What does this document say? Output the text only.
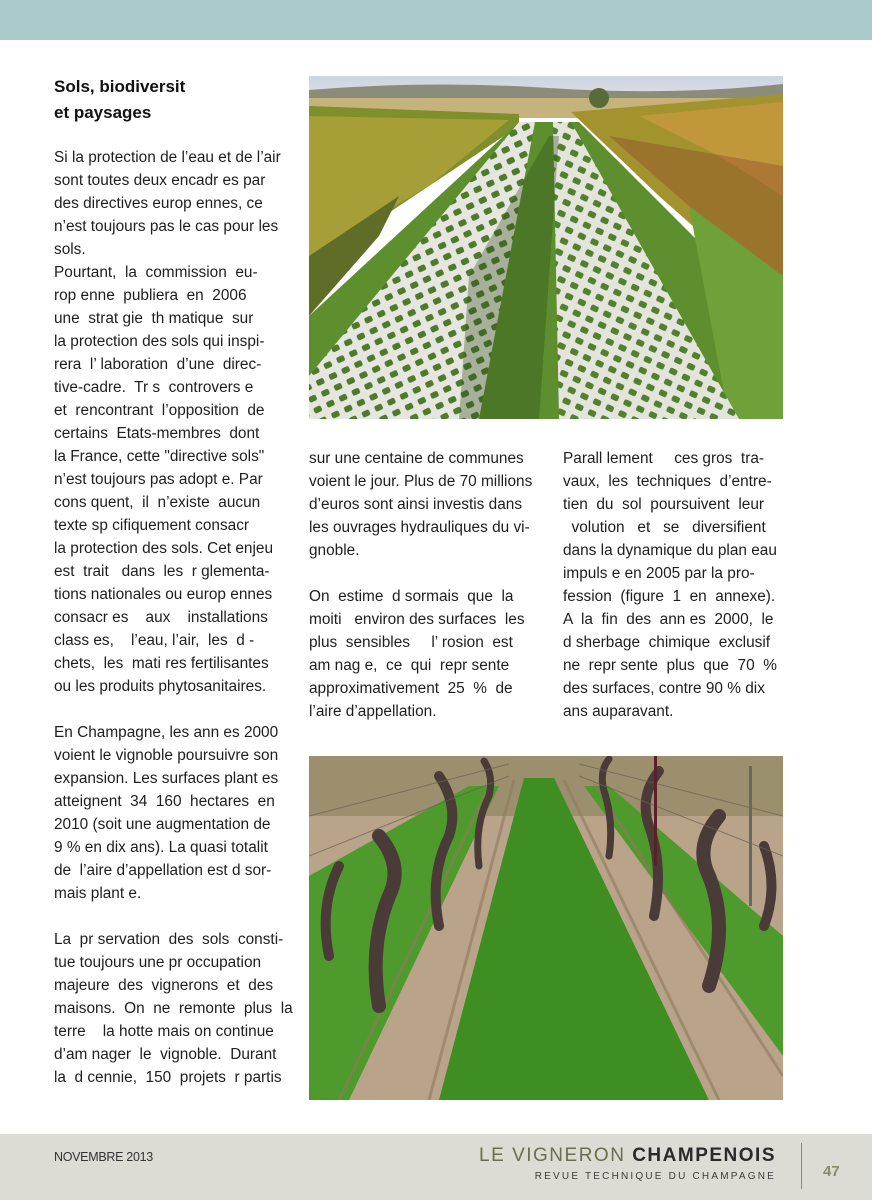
Sols, biodiversit
et paysages

Si la protection de l’eau et de l’air

sont toutes deux encadr es par

des directives europ ennes, ce

n’est toujours pas le cas pour les

sols.

Pourtant,  la  commission  eu-

rop enne  publiera  en  2006

une  strat gie  th matique  sur

la protection des sols qui inspi-

rera  l’ laboration  d’une  direc-

tive-cadre.  Tr s  controvers e

et  rencontrant  l’opposition  de

certains  Etats-membres  dont

la France, cette "directive sols"

n’est toujours pas adopt e. Par

cons quent,  il  n’existe  aucun

texte sp cifiquement consacr

la protection des sols. Cet enjeu

est  trait   dans  les  r glementa-

tions nationales ou europ ennes

consacr es    aux    installations

class es,    l’eau, l’air,  les  d -

chets,  les  mati res fertilisantes

ou les produits phytosanitaires.

En Champagne, les ann es 2000

voient le vignoble poursuivre son

expansion. Les surfaces plant es

atteignent  34  160  hectares  en

2010 (soit une augmentation de

9 % en dix ans). La quasi totalit

de  l’aire d’appellation est d sor-

mais plant e.

La  pr servation  des  sols  consti-

tue toujours une pr occupation

majeure  des  vignerons  et  des

maisons.  On  ne  remonte  plus  la

terre    la hotte mais on continue

d’am nager  le  vignoble.  Durant

la  d cennie,  150  projets  r partis

sur une centaine de communes

voient le jour. Plus de 70 millions

d’euros sont ainsi investis dans

les ouvrages hydrauliques du vi-

gnoble.

On  estime  d sormais  que  la

moiti   environ des surfaces  les

plus  sensibles     l’ rosion  est

am nag e,  ce  qui  repr sente

approximativement  25  %  de

l’aire d’appellation.

Parall lement     ces gros  tra-

vaux,  les  techniques  d’entre-

tien  du  sol  poursuivent  leur

volution   et   se   diversifient

dans la dynamique du plan eau

impuls e en 2005 par la pro-

fession  (figure  1  en  annexe).

A  la  fin  des  ann es  2000,  le

d sherbage  chimique  exclusif

ne  repr sente  plus  que  70  %

des surfaces, contre 90 % dix

ans auparavant.

NOVEMBRE 2013	LE VIGNERON CHAMPENOIS
REVUE TECHNIQUE DU CHAMPAGNE	47
